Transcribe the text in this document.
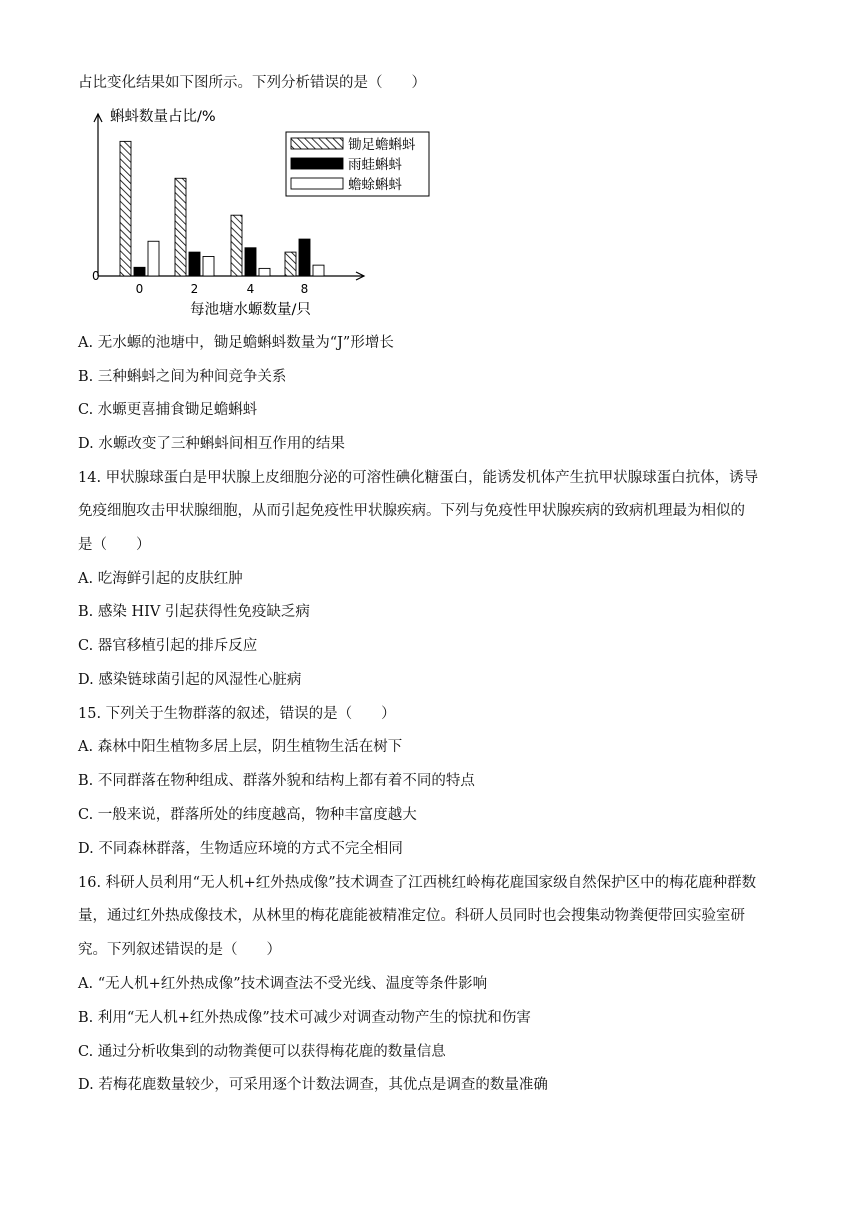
占比变化结果如下图所示。下列分析错误的是（　　）
0	2	4	8
锄足蟾蝌蚪
雨蛙蝌蚪
蟾蜍蝌蚪
蝌蚪数量占比/%
0
每池塘水螈数量/只
A. 无水螈的池塘中，锄足蟾蝌蚪数量为“J”形增长
B. 三种蝌蚪之间为种间竞争关系
C. 水螈更喜捕食锄足蟾蝌蚪
D. 水螈改变了三种蝌蚪间相互作用的结果
14. 甲状腺球蛋白是甲状腺上皮细胞分泌的可溶性碘化糖蛋白，能诱发机体产生抗甲状腺球蛋白抗体，诱导
免疫细胞攻击甲状腺细胞，从而引起免疫性甲状腺疾病。下列与免疫性甲状腺疾病的致病机理最为相似的
是（　　）
A. 吃海鲜引起的皮肤红肿
B. 感染 HIV 引起获得性免疫缺乏病
C. 器官移植引起的排斥反应
D. 感染链球菌引起的风湿性心脏病
15. 下列关于生物群落的叙述，错误的是（　　）
A. 森林中阳生植物多居上层，阴生植物生活在树下
B. 不同群落在物种组成、群落外貌和结构上都有着不同的特点
C. 一般来说，群落所处的纬度越高，物种丰富度越大
D. 不同森林群落，生物适应环境的方式不完全相同
16. 科研人员利用“无人机+红外热成像”技术调查了江西桃红岭梅花鹿国家级自然保护区中的梅花鹿种群数
量，通过红外热成像技术，从林里的梅花鹿能被精准定位。科研人员同时也会搜集动物粪便带回实验室研
究。下列叙述错误的是（　　）
A. “无人机+红外热成像”技术调查法不受光线、温度等条件影响
B. 利用“无人机+红外热成像”技术可减少对调查动物产生的惊扰和伤害
C. 通过分析收集到的动物粪便可以获得梅花鹿的数量信息
D. 若梅花鹿数量较少，可采用逐个计数法调查，其优点是调查的数量准确
